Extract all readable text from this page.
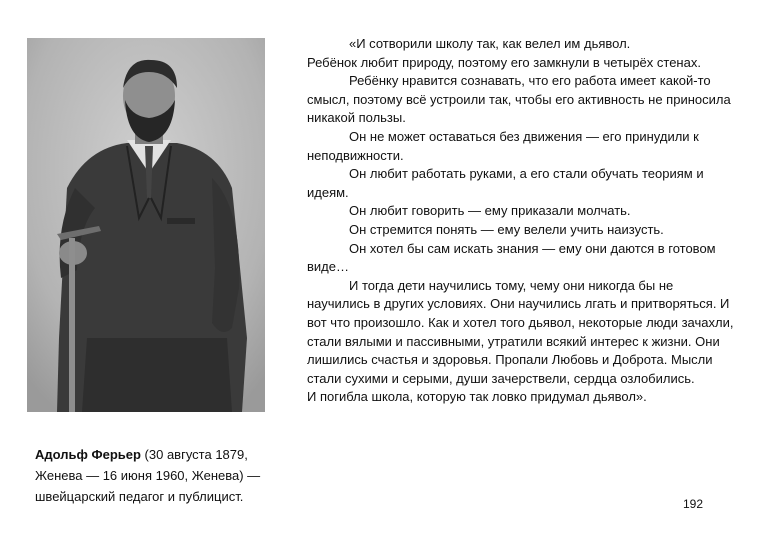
Адольф Ферьер (30 августа 1879, Женева — 16 июня 1960, Женева) — швейцарский педагог и публицист.

«И сотворили школу так, как велел им дьявол.

Ребёнок любит природу, поэтому его замкнули в четырёх стенах.

Ребёнку нравится сознавать, что его работа имеет какой-то смысл, поэтому всё устроили так, чтобы его активность не приносила никакой пользы.

Он не может оставаться без движения — его принудили к неподвижности.

Он любит работать руками, а его стали обучать теориям и идеям.

Он любит говорить — ему приказали молчать.

Он стремится понять — ему велели учить наизусть.

Он хотел бы сам искать знания — ему они даются в готовом виде…

И тогда дети научились тому, чему они никогда бы не научились в других условиях. Они научились лгать и притворяться. И вот что произошло. Как и хотел того дьявол, некоторые люди зачахли, стали вялыми и пассивными, утратили всякий интерес к жизни. Они лишились счастья и здоровья. Пропали Любовь и Доброта. Мысли стали сухими и серыми, души зачерствели, сердца озлобились.

И погибла школа, которую так ловко придумал дьявол».

192
